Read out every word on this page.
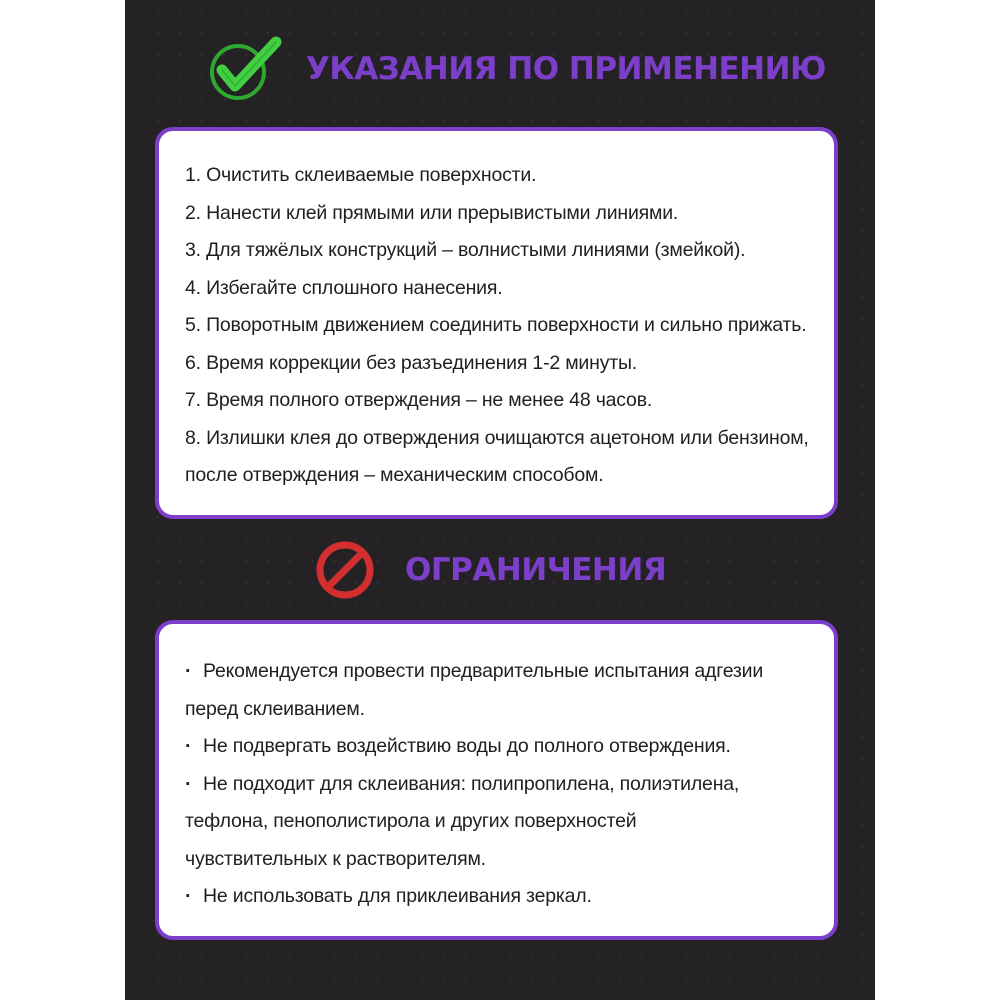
УКАЗАНИЯ ПО ПРИМЕНЕНИЮ
1. Очистить склеиваемые поверхности.
2. Нанести клей прямыми или прерывистыми линиями.
3. Для тяжёлых конструкций – волнистыми линиями (змейкой).
4. Избегайте сплошного нанесения.
5. Поворотным движением соединить поверхности и сильно прижать.
6. Время коррекции без разъединения 1-2 минуты.
7. Время полного отверждения – не менее 48 часов.
8. Излишки клея до отверждения очищаются ацетоном или бензином,
после отверждения – механическим способом.
ОГРАНИЧЕНИЯ
· Рекомендуется провести предварительные испытания адгезии
перед склеиванием.
· Не подвергать воздействию воды до полного отверждения.
· Не подходит для склеивания: полипропилена, полиэтилена,
тефлона, пенополистирола и других поверхностей
чувствительных к растворителям.
· Не использовать для приклеивания зеркал.
